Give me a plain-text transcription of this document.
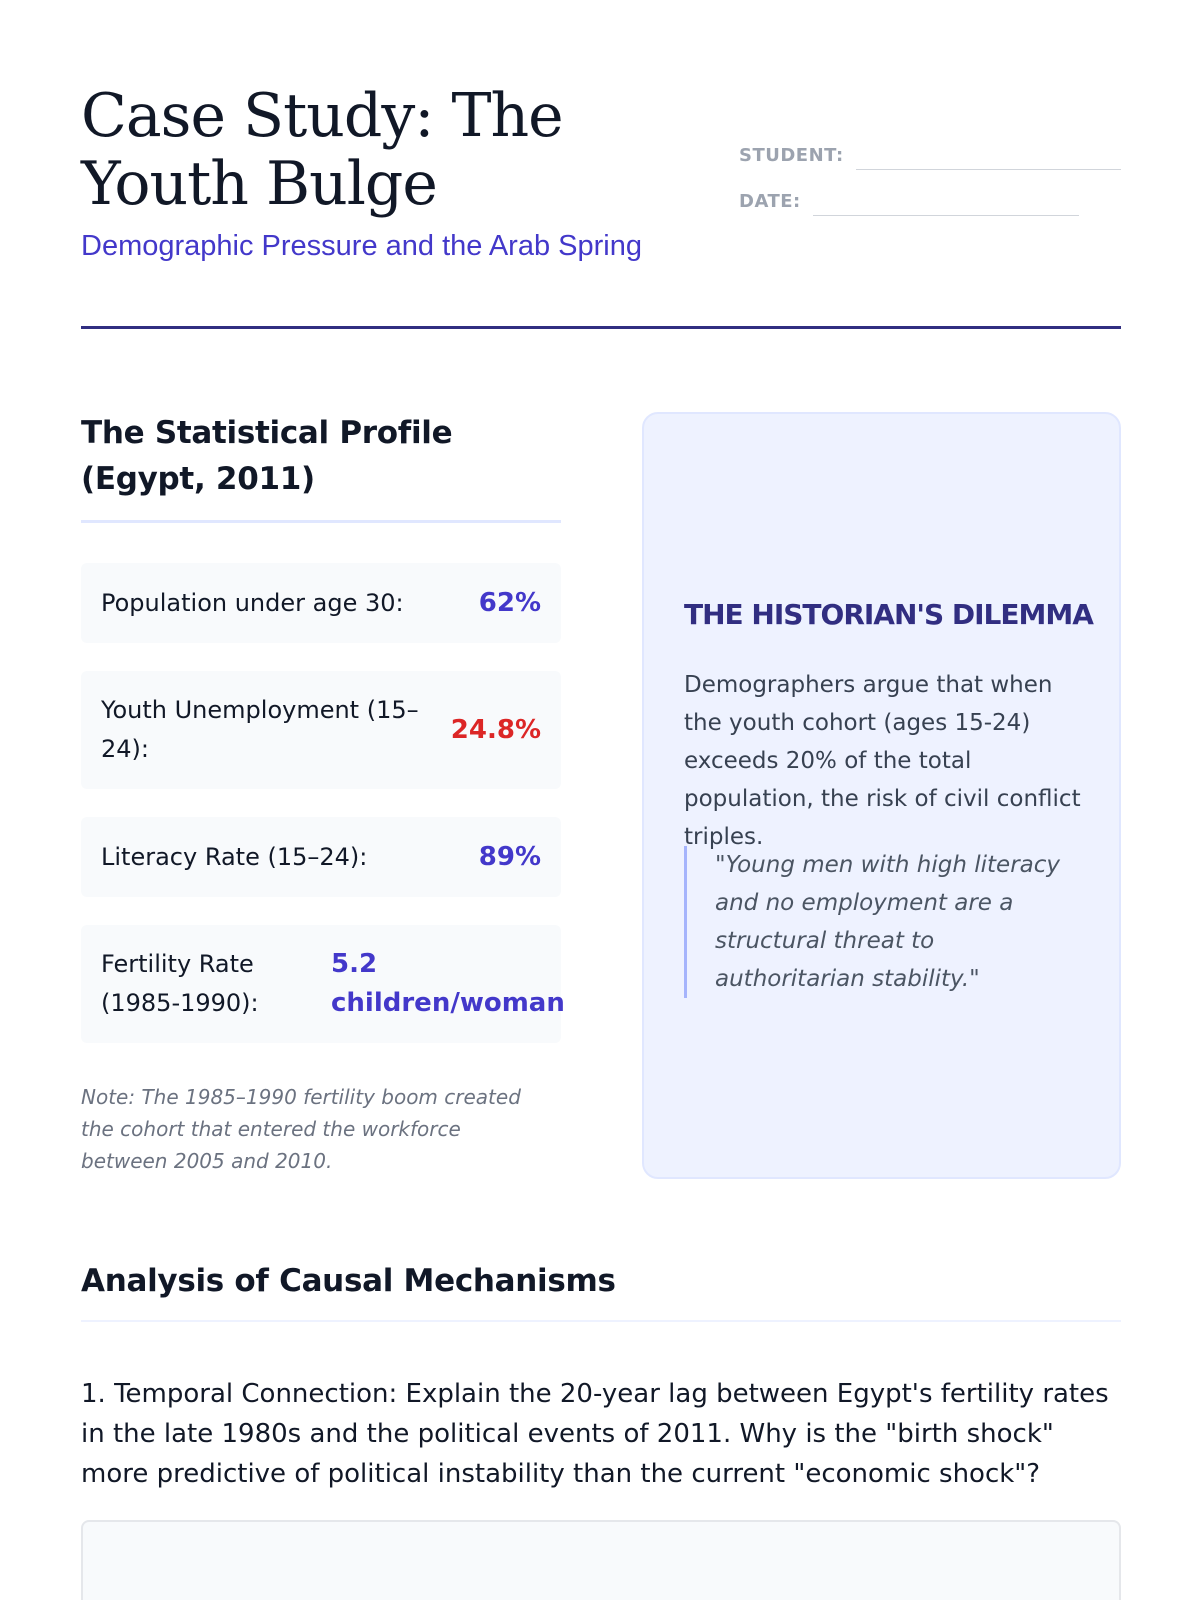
Case Study: The Youth Bulge
Demographic Pressure and the Arab Spring
STUDENT:
DATE:
The Statistical Profile (Egypt, 2011)
Population under age 30:	62%
Youth Unemployment (15–24):
24.8%
Literacy Rate (15–24):	89%
Fertility Rate (1985-1990):
5.2 children/woman

Note: The 1985–1990 fertility boom created the cohort that entered the workforce between 2005 and 2010.

THE HISTORIAN'S DILEMMA

Demographers argue that when the youth cohort (ages 15-24) exceeds 20% of the total population, the risk of civil conflict triples.

"Young men with high literacy and no employment are a structural threat to authoritarian stability."
Analysis of Causal Mechanisms

1. Temporal Connection: Explain the 20-year lag between Egypt's fertility rates in the late 1980s and the political events of 2011. Why is the "birth shock" more predictive of political instability than the current "economic shock"?
